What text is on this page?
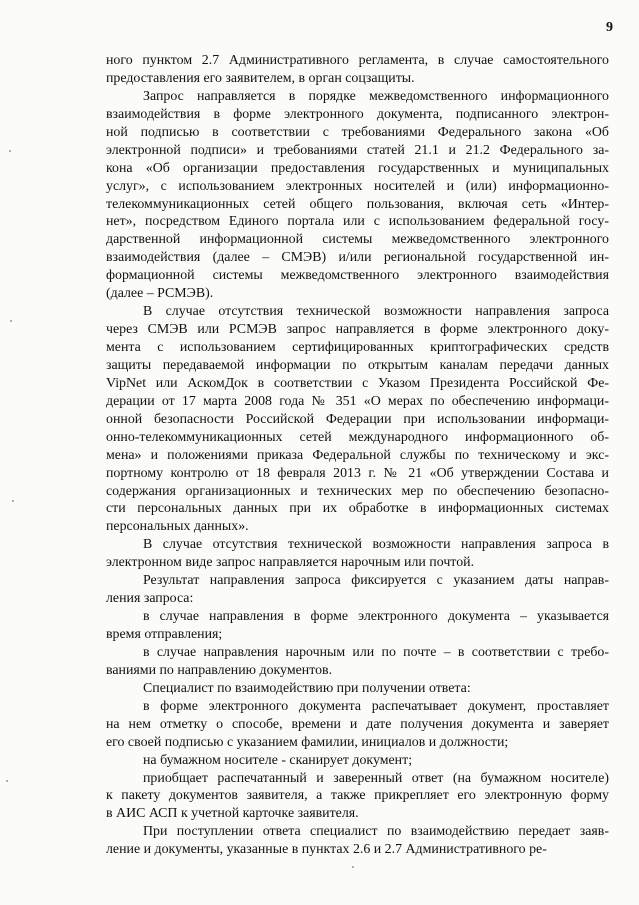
9
ного пунктом 2.7 Административного регламента, в случае самостоятельного
предоставления его заявителем, в орган соцзащиты.
Запрос направляется в порядке межведомственного информационного
взаимодействия в форме электронного документа, подписанного электрон-
ной подписью в соответствии с требованиями Федерального закона «Об
электронной подписи» и требованиями статей 21.1 и 21.2 Федерального за-
кона «Об организации предоставления государственных и муниципальных
услуг», с использованием электронных носителей и (или) информационно-
телекоммуникационных сетей общего пользования, включая сеть «Интер-
нет», посредством Единого портала или с использованием федеральной госу-
дарственной информационной системы межведомственного электронного
взаимодействия (далее – СМЭВ) и/или региональной государственной ин-
формационной системы межведомственного электронного взаимодействия
(далее – РСМЭВ).
В случае отсутствия технической возможности направления запроса
через СМЭВ или РСМЭВ запрос направляется в форме электронного доку-
мента с использованием сертифицированных криптографических средств
защиты передаваемой информации по открытым каналам передачи данных
VipNet или АскомДок в соответствии с Указом Президента Российской Фе-
дерации от 17 марта 2008 года № 351 «О мерах по обеспечению информаци-
онной безопасности Российской Федерации при использовании информаци-
онно-телекоммуникационных сетей международного информационного об-
мена» и положениями приказа Федеральной службы по техническому и экс-
портному контролю от 18 февраля 2013 г. № 21 «Об утверждении Состава и
содержания организационных и технических мер по обеспечению безопасно-
сти персональных данных при их обработке в информационных системах
персональных данных».
В случае отсутствия технической возможности направления запроса в
электронном виде запрос направляется нарочным или почтой.
Результат направления запроса фиксируется с указанием даты направ-
ления запроса:
в случае направления в форме электронного документа – указывается
время отправления;
в случае направления нарочным или по почте – в соответствии с требо-
ваниями по направлению документов.
Специалист по взаимодействию при получении ответа:
в форме электронного документа распечатывает документ, проставляет
на нем отметку о способе, времени и дате получения документа и заверяет
его своей подписью с указанием фамилии, инициалов и должности;
на бумажном носителе - сканирует документ;
приобщает распечатанный и заверенный ответ (на бумажном носителе)
к пакету документов заявителя, а также прикрепляет его электронную форму
в АИС АСП к учетной карточке заявителя.
При поступлении ответа специалист по взаимодействию передает заяв-
ление и документы, указанные в пунктах 2.6 и 2.7 Административного ре-
